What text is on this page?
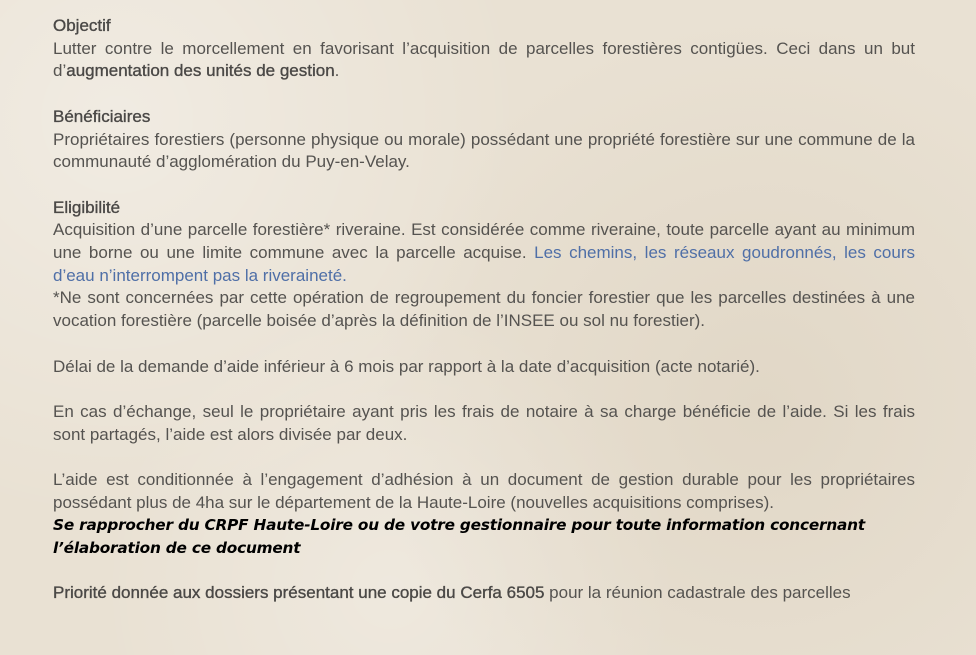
Objectif

Lutter contre le morcellement en favorisant l’acquisition de parcelles forestières contigües. Ceci dans un but d’augmentation des unités de gestion.

Bénéficiaires

Propriétaires forestiers (personne physique ou morale) possédant une propriété forestière sur une commune de la communauté d’agglomération du Puy-en-Velay.

Eligibilité

Acquisition d’une parcelle forestière* riveraine. Est considérée comme riveraine, toute parcelle ayant au minimum une borne ou une limite commune avec la parcelle acquise. Les chemins, les réseaux goudronnés, les cours d’eau n’interrompent pas la riveraineté.

*Ne sont concernées par cette opération de regroupement du foncier forestier que les parcelles destinées à une vocation forestière (parcelle boisée d’après la définition de l’INSEE ou sol nu forestier).

Délai de la demande d’aide inférieur à 6 mois par rapport à la date d’acquisition (acte notarié).

En cas d’échange, seul le propriétaire ayant pris les frais de notaire à sa charge bénéficie de l’aide. Si les frais sont partagés, l’aide est alors divisée par deux.

L’aide est conditionnée à l’engagement d’adhésion à un document de gestion durable pour les propriétaires possédant plus de 4ha sur le département de la Haute-Loire (nouvelles acquisitions comprises).

Se rapprocher du CRPF Haute-Loire ou de votre gestionnaire pour toute information concernant l’élaboration de ce document

Priorité donnée aux dossiers présentant une copie du Cerfa 6505 pour la réunion cadastrale des parcelles
